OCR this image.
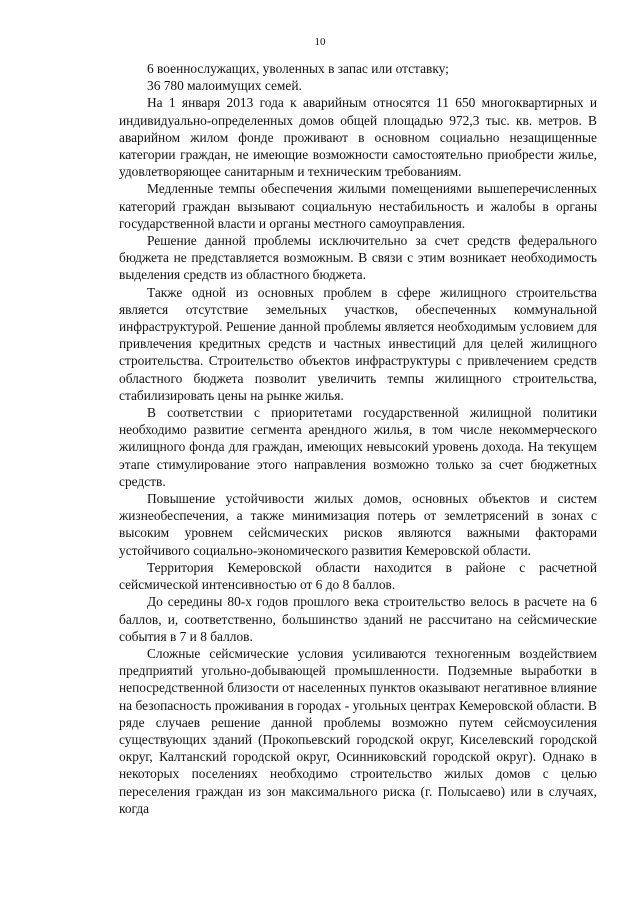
10

6 военнослужащих, уволенных в запас или отставку;

36 780 малоимущих семей.

На 1 января 2013 года к аварийным относятся 11 650 многоквартирных и индивидуально-определенных домов общей площадью 972,3 тыс. кв. метров. В аварийном жилом фонде проживают в основном социально незащищенные категории граждан, не имеющие возможности самостоятельно приобрести жилье, удовлетворяющее санитарным и техническим требованиям.

Медленные темпы обеспечения жилыми помещениями вышеперечисленных категорий граждан вызывают социальную нестабильность и жалобы в органы государственной власти и органы местного самоуправления.

Решение данной проблемы исключительно за счет средств федерального бюджета не представляется возможным. В связи с этим возникает необходимость выделения средств из областного бюджета.

Также одной из основных проблем в сфере жилищного строительства является отсутствие земельных участков, обеспеченных коммунальной инфраструктурой. Решение данной проблемы является необходимым условием для привлечения кредитных средств и частных инвестиций для целей жилищного строительства. Строительство объектов инфраструктуры с привлечением средств областного бюджета позволит увеличить темпы жилищного строительства, стабилизировать цены на рынке жилья.

В соответствии с приоритетами государственной жилищной политики необходимо развитие сегмента арендного жилья, в том числе некоммерческого жилищного фонда для граждан, имеющих невысокий уровень дохода. На текущем этапе стимулирование этого направления возможно только за счет бюджетных средств.

Повышение устойчивости жилых домов, основных объектов и систем жизнеобеспечения, а также минимизация потерь от землетрясений в зонах с высоким уровнем сейсмических рисков являются важными факторами устойчивого социально-экономического развития Кемеровской области.

Территория Кемеровской области находится в районе с расчетной сейсмической интенсивностью от 6 до 8 баллов.

До середины 80-х годов прошлого века строительство велось в расчете на 6 баллов, и, соответственно, большинство зданий не рассчитано на сейсмические события в 7 и 8 баллов.

Сложные сейсмические условия усиливаются техногенным воздействием предприятий угольно-добывающей промышленности. Подземные выработки в непосредственной близости от населенных пунктов оказывают негативное влияние на безопасность проживания в городах - угольных центрах Кемеровской области. В ряде случаев решение данной проблемы возможно путем сейсмоусиления существующих зданий (Прокопьевский городской округ, Киселевский городской округ, Калтанский городской округ, Осинниковский городской округ). Однако в некоторых поселениях необходимо строительство жилых домов с целью переселения граждан из зон максимального риска (г. Полысаево) или в случаях, когда
